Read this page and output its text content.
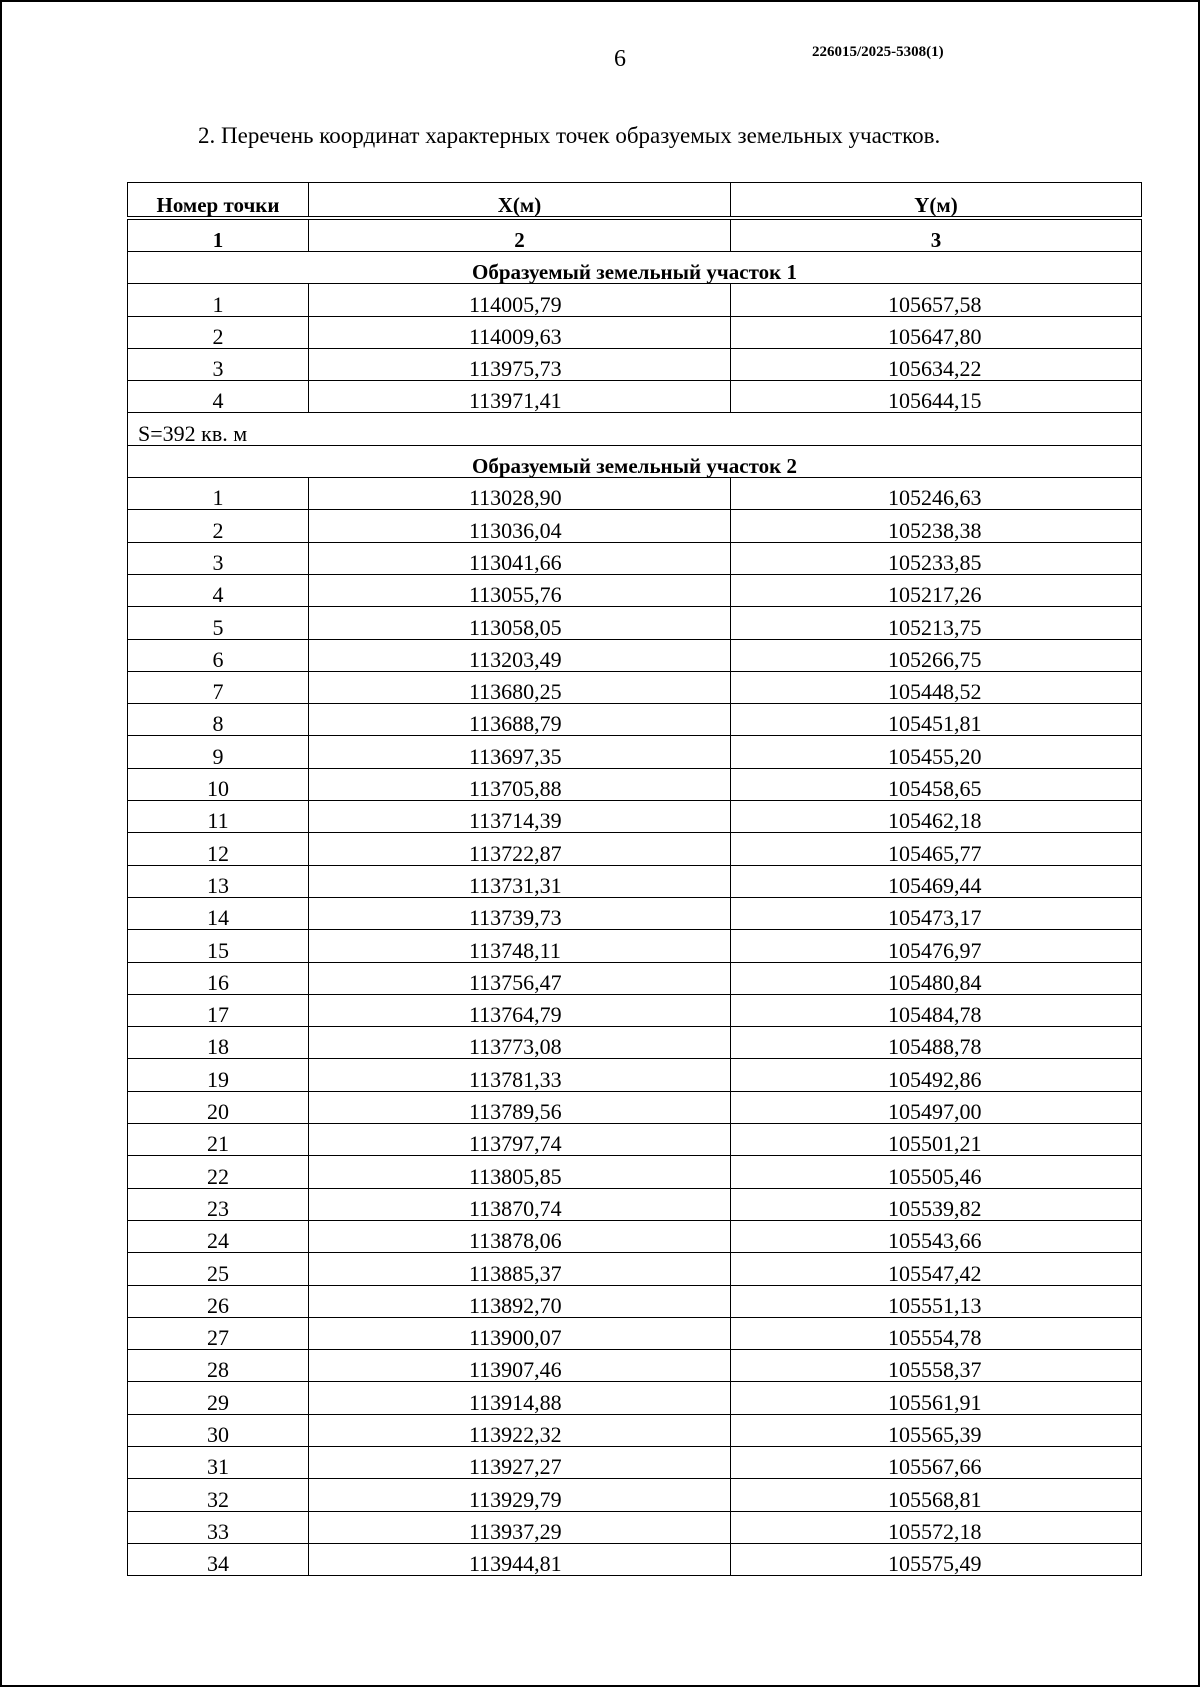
6	226015/2025-5308(1)
2. Перечень координат характерных точек образуемых земельных участков.
Номер точки	X(м)	Y(м)
1	2	3
Образуемый земельный участок 1		
1	114005,79	105657,58
2	114009,63	105647,80
3	113975,73	105634,22
4	113971,41	105644,15
S=392 кв. м		
Образуемый земельный участок 2		
1	113028,90	105246,63
2	113036,04	105238,38
3	113041,66	105233,85
4	113055,76	105217,26
5	113058,05	105213,75
6	113203,49	105266,75
7	113680,25	105448,52
8	113688,79	105451,81
9	113697,35	105455,20
10	113705,88	105458,65
11	113714,39	105462,18
12	113722,87	105465,77
13	113731,31	105469,44
14	113739,73	105473,17
15	113748,11	105476,97
16	113756,47	105480,84
17	113764,79	105484,78
18	113773,08	105488,78
19	113781,33	105492,86
20	113789,56	105497,00
21	113797,74	105501,21
22	113805,85	105505,46
23	113870,74	105539,82
24	113878,06	105543,66
25	113885,37	105547,42
26	113892,70	105551,13
27	113900,07	105554,78
28	113907,46	105558,37
29	113914,88	105561,91
30	113922,32	105565,39
31	113927,27	105567,66
32	113929,79	105568,81
33	113937,29	105572,18
34	113944,81	105575,49
